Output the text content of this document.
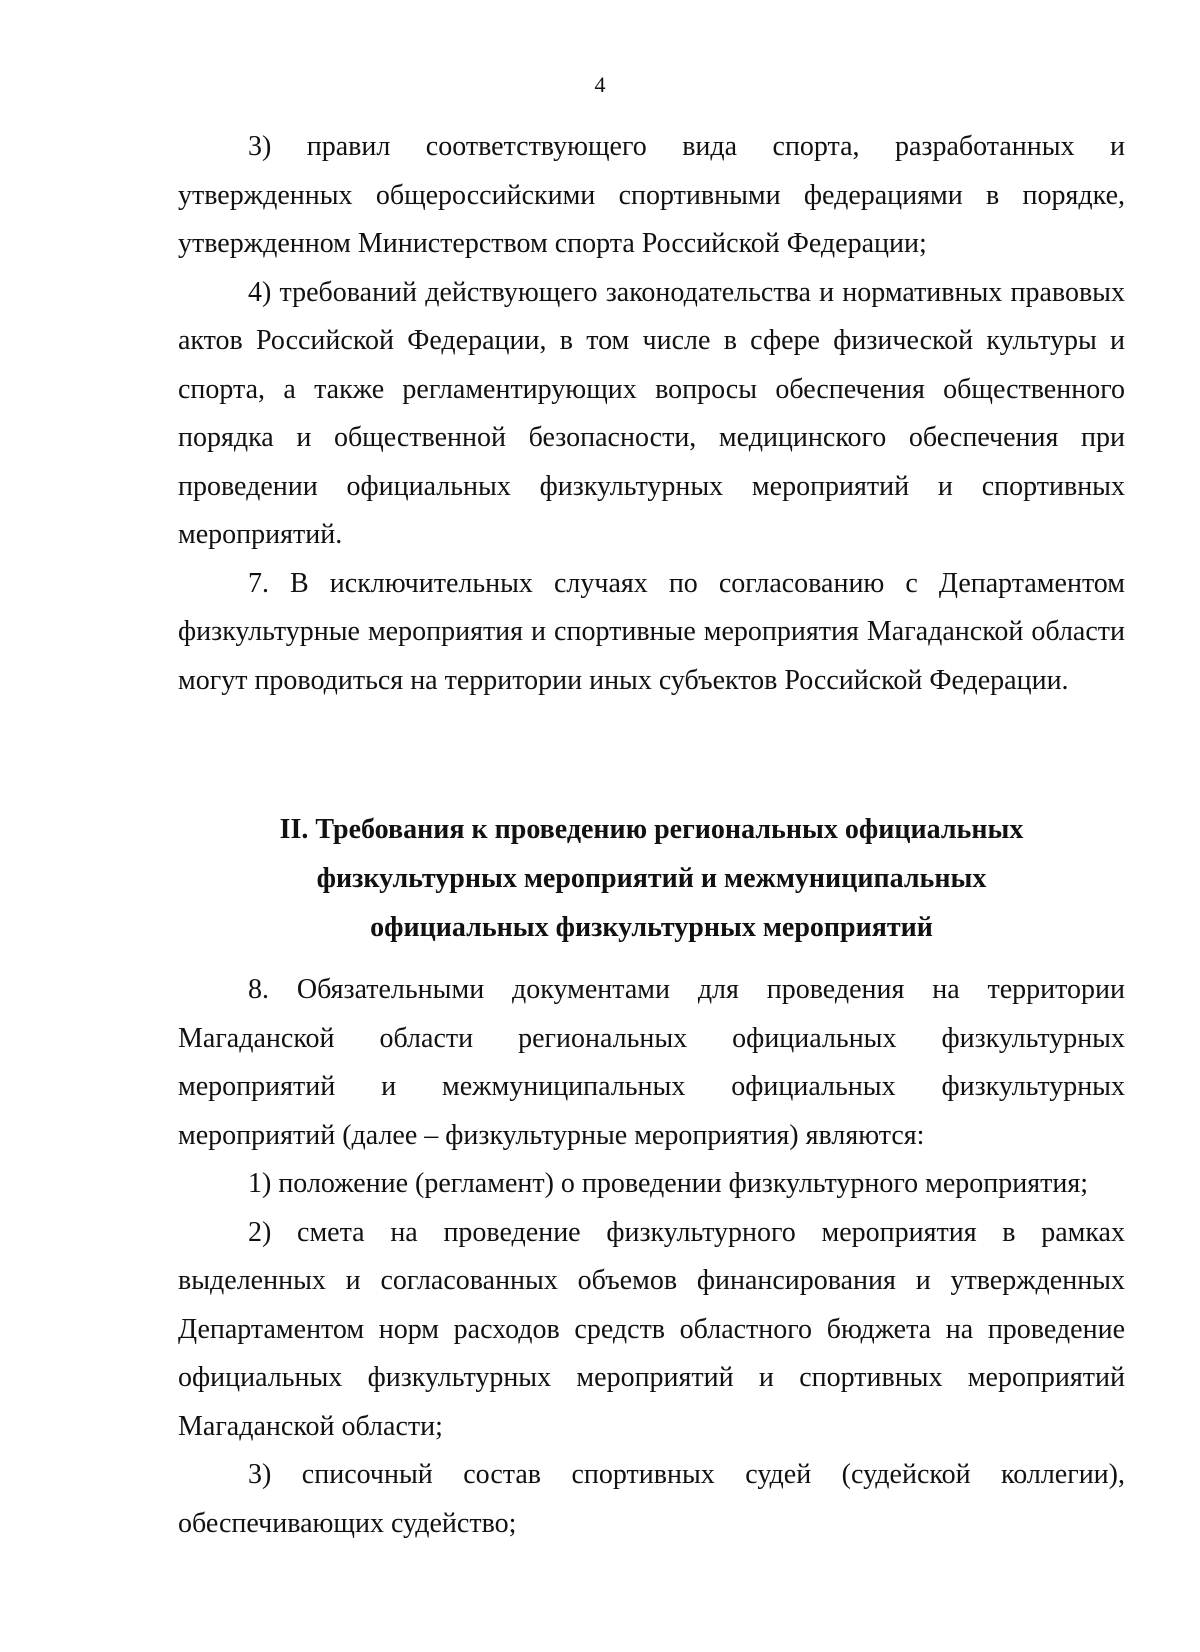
4

3) правил соответствующего вида спорта, разработанных и утвержденных общероссийскими спортивными федерациями в порядке, утвержденном Министерством спорта Российской Федерации;

4) требований действующего законодательства и нормативных правовых актов Российской Федерации, в том числе в сфере физической культуры и спорта, а также регламентирующих вопросы обеспечения общественного порядка и общественной безопасности, медицинского обеспечения при проведении официальных физкультурных мероприятий и спортивных мероприятий.

7. В исключительных случаях по согласованию с Департаментом физкультурные мероприятия и спортивные мероприятия Магаданской области могут проводиться на территории иных субъектов Российской Федерации.

II. Требования к проведению региональных официальных
физкультурных мероприятий и межмуниципальных
официальных физкультурных мероприятий

8. Обязательными документами для проведения на территории Магаданской области региональных официальных физкультурных мероприятий и межмуниципальных официальных физкультурных мероприятий (далее – физкультурные мероприятия) являются:

1) положение (регламент) о проведении физкультурного мероприятия;

2) смета на проведение физкультурного мероприятия в рамках выделенных и согласованных объемов финансирования и утвержденных Департаментом норм расходов средств областного бюджета на проведение официальных физкультурных мероприятий и спортивных мероприятий Магаданской области;

3) списочный состав спортивных судей (судейской коллегии), обеспечивающих судейство;
